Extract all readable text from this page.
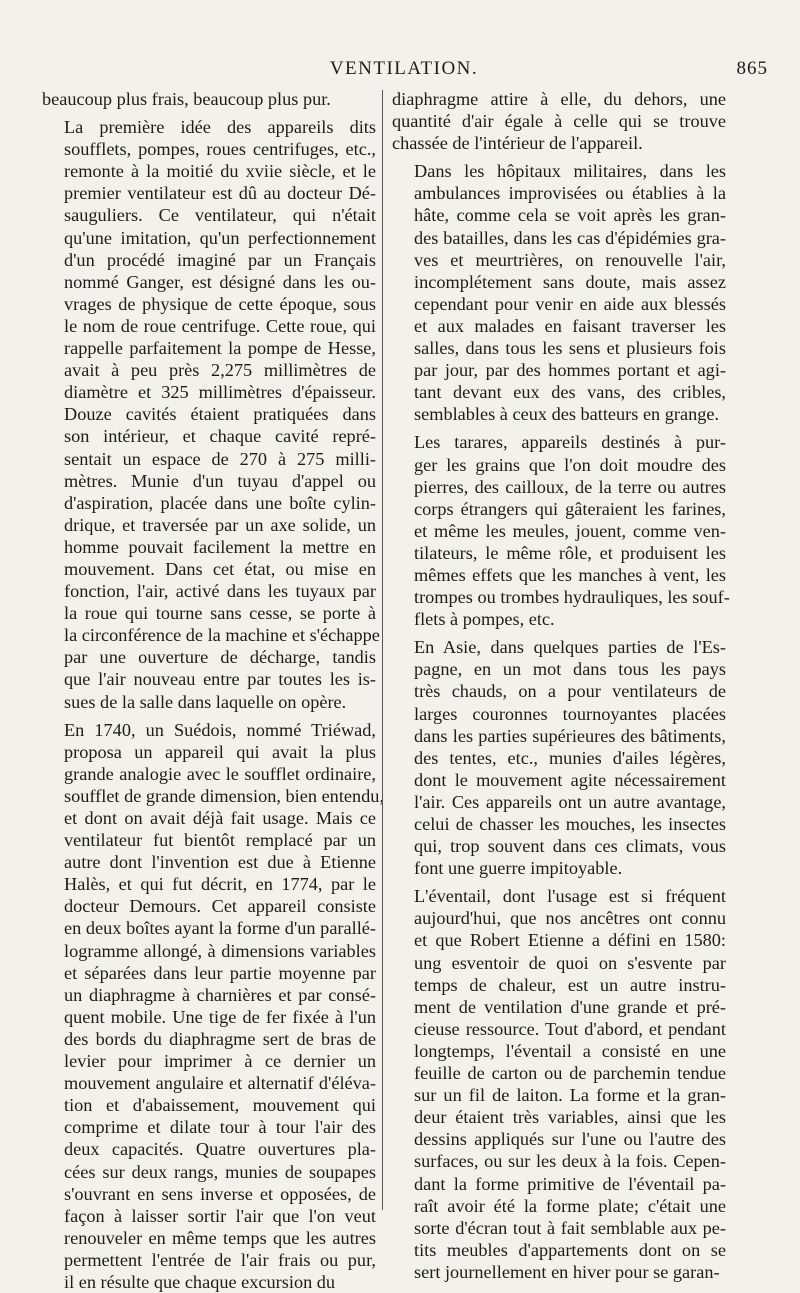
VENTILATION.	865

beaucoup plus frais, beaucoup plus pur.

La première idée des appareils dits
soufflets, pompes, roues centrifuges, etc.,
remonte à la moitié du xviie siècle, et le
premier ventilateur est dû au docteur Dé-
sauguliers. Ce ventilateur, qui n'était
qu'une imitation, qu'un perfectionnement
d'un procédé imaginé par un Français
nommé Ganger, est désigné dans les ou-
vrages de physique de cette époque, sous
le nom de roue centrifuge. Cette roue, qui
rappelle parfaitement la pompe de Hesse,
avait à peu près 2,275 millimètres de
diamètre et 325 millimètres d'épaisseur.
Douze cavités étaient pratiquées dans
son intérieur, et chaque cavité repré-
sentait un espace de 270 à 275 milli-
mètres. Munie d'un tuyau d'appel ou
d'aspiration, placée dans une boîte cylin-
drique, et traversée par un axe solide, un
homme pouvait facilement la mettre en
mouvement. Dans cet état, ou mise en
fonction, l'air, activé dans les tuyaux par
la roue qui tourne sans cesse, se porte à
la circonférence de la machine et s'échappe
par une ouverture de décharge, tandis
que l'air nouveau entre par toutes les is-
sues de la salle dans laquelle on opère.

En 1740, un Suédois, nommé Triéwad,
proposa un appareil qui avait la plus
grande analogie avec le soufflet ordinaire,
soufflet de grande dimension, bien entendu,
et dont on avait déjà fait usage. Mais ce
ventilateur fut bientôt remplacé par un
autre dont l'invention est due à Etienne
Halès, et qui fut décrit, en 1774, par le
docteur Demours. Cet appareil consiste
en deux boîtes ayant la forme d'un parallé-
logramme allongé, à dimensions variables
et séparées dans leur partie moyenne par
un diaphragme à charnières et par consé-
quent mobile. Une tige de fer fixée à l'un
des bords du diaphragme sert de bras de
levier pour imprimer à ce dernier un
mouvement angulaire et alternatif d'éléva-
tion et d'abaissement, mouvement qui
comprime et dilate tour à tour l'air des
deux capacités. Quatre ouvertures pla-
cées sur deux rangs, munies de soupapes
s'ouvrant en sens inverse et opposées, de
façon à laisser sortir l'air que l'on veut
renouveler en même temps que les autres
permettent l'entrée de l'air frais ou pur,
il en résulte que chaque excursion du

diaphragme attire à elle, du dehors, une
quantité d'air égale à celle qui se trouve
chassée de l'intérieur de l'appareil.

Dans les hôpitaux militaires, dans les
ambulances improvisées ou établies à la
hâte, comme cela se voit après les gran-
des batailles, dans les cas d'épidémies gra-
ves et meurtrières, on renouvelle l'air,
incomplétement sans doute, mais assez
cependant pour venir en aide aux blessés
et aux malades en faisant traverser les
salles, dans tous les sens et plusieurs fois
par jour, par des hommes portant et agi-
tant devant eux des vans, des cribles,
semblables à ceux des batteurs en grange.

Les tarares, appareils destinés à pur-
ger les grains que l'on doit moudre des
pierres, des cailloux, de la terre ou autres
corps étrangers qui gâteraient les farines,
et même les meules, jouent, comme ven-
tilateurs, le même rôle, et produisent les
mêmes effets que les manches à vent, les
trompes ou trombes hydrauliques, les souf-
flets à pompes, etc.

En Asie, dans quelques parties de l'Es-
pagne, en un mot dans tous les pays
très chauds, on a pour ventilateurs de
larges couronnes tournoyantes placées
dans les parties supérieures des bâtiments,
des tentes, etc., munies d'ailes légères,
dont le mouvement agite nécessairement
l'air. Ces appareils ont un autre avantage,
celui de chasser les mouches, les insectes
qui, trop souvent dans ces climats, vous
font une guerre impitoyable.

L'éventail, dont l'usage est si fréquent
aujourd'hui, que nos ancêtres ont connu
et que Robert Etienne a défini en 1580:
ung esventoir de quoi on s'esvente par
temps de chaleur, est un autre instru-
ment de ventilation d'une grande et pré-
cieuse ressource. Tout d'abord, et pendant
longtemps, l'éventail a consisté en une
feuille de carton ou de parchemin tendue
sur un fil de laiton. La forme et la gran-
deur étaient très variables, ainsi que les
dessins appliqués sur l'une ou l'autre des
surfaces, ou sur les deux à la fois. Cepen-
dant la forme primitive de l'éventail pa-
raît avoir été la forme plate; c'était une
sorte d'écran tout à fait semblable aux pe-
tits meubles d'appartements dont on se
sert journellement en hiver pour se garan-
